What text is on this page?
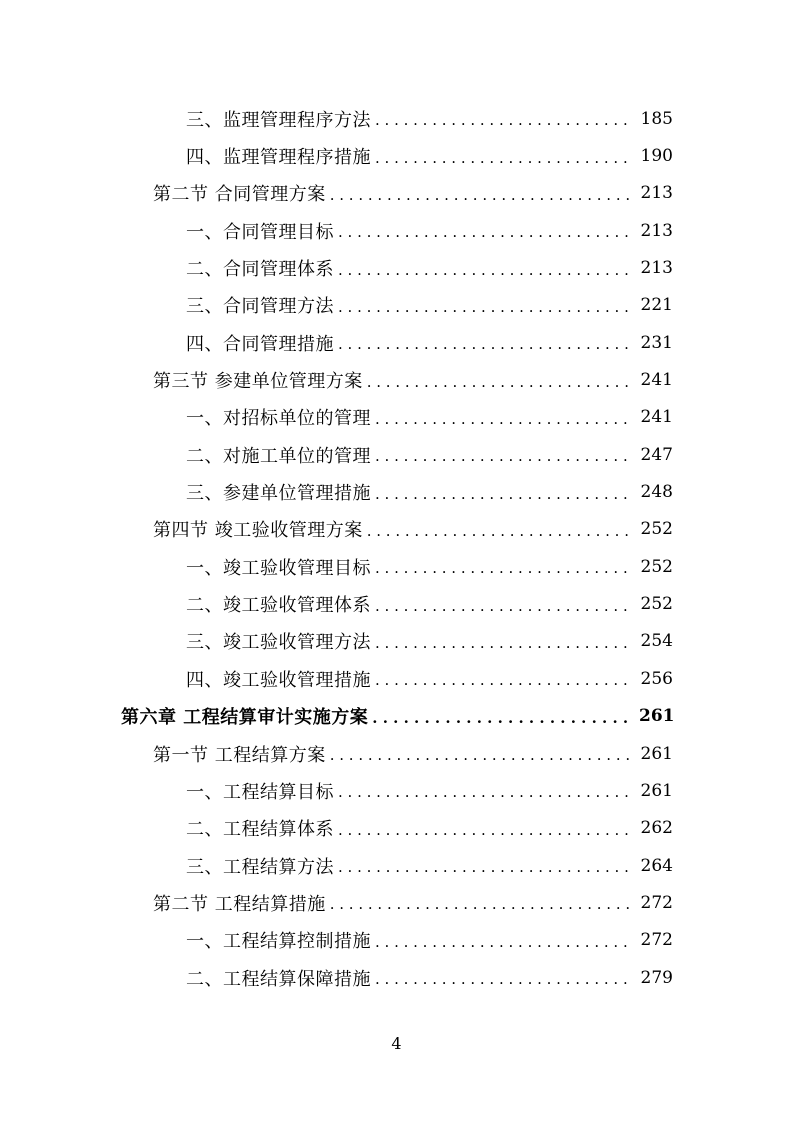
三、监理管理程序方法 . . .	185
四、监理管理程序措施 . . .	190
第二节 合同管理方案 . . .	213
一、合同管理目标 . . .	213
二、合同管理体系 . . .	213
三、合同管理方法 . . .	221
四、合同管理措施 . . .	231
第三节 参建单位管理方案 . . .	241
一、对招标单位的管理 . . .	241
二、对施工单位的管理 . . .	247
三、参建单位管理措施 . . .	248
第四节 竣工验收管理方案 . . .	252
一、竣工验收管理目标 . . .	252
二、竣工验收管理体系 . . .	252
三、竣工验收管理方法 . . .	254
四、竣工验收管理措施 . . .	256
第六章 工程结算审计实施方案 . . .	261
第一节 工程结算方案 . . .	261
一、工程结算目标 . . .	261
二、工程结算体系 . . .	262
三、工程结算方法 . . .	264
第二节 工程结算措施 . . .	272
一、工程结算控制措施 . . .	272
二、工程结算保障措施 . . .	279
4
